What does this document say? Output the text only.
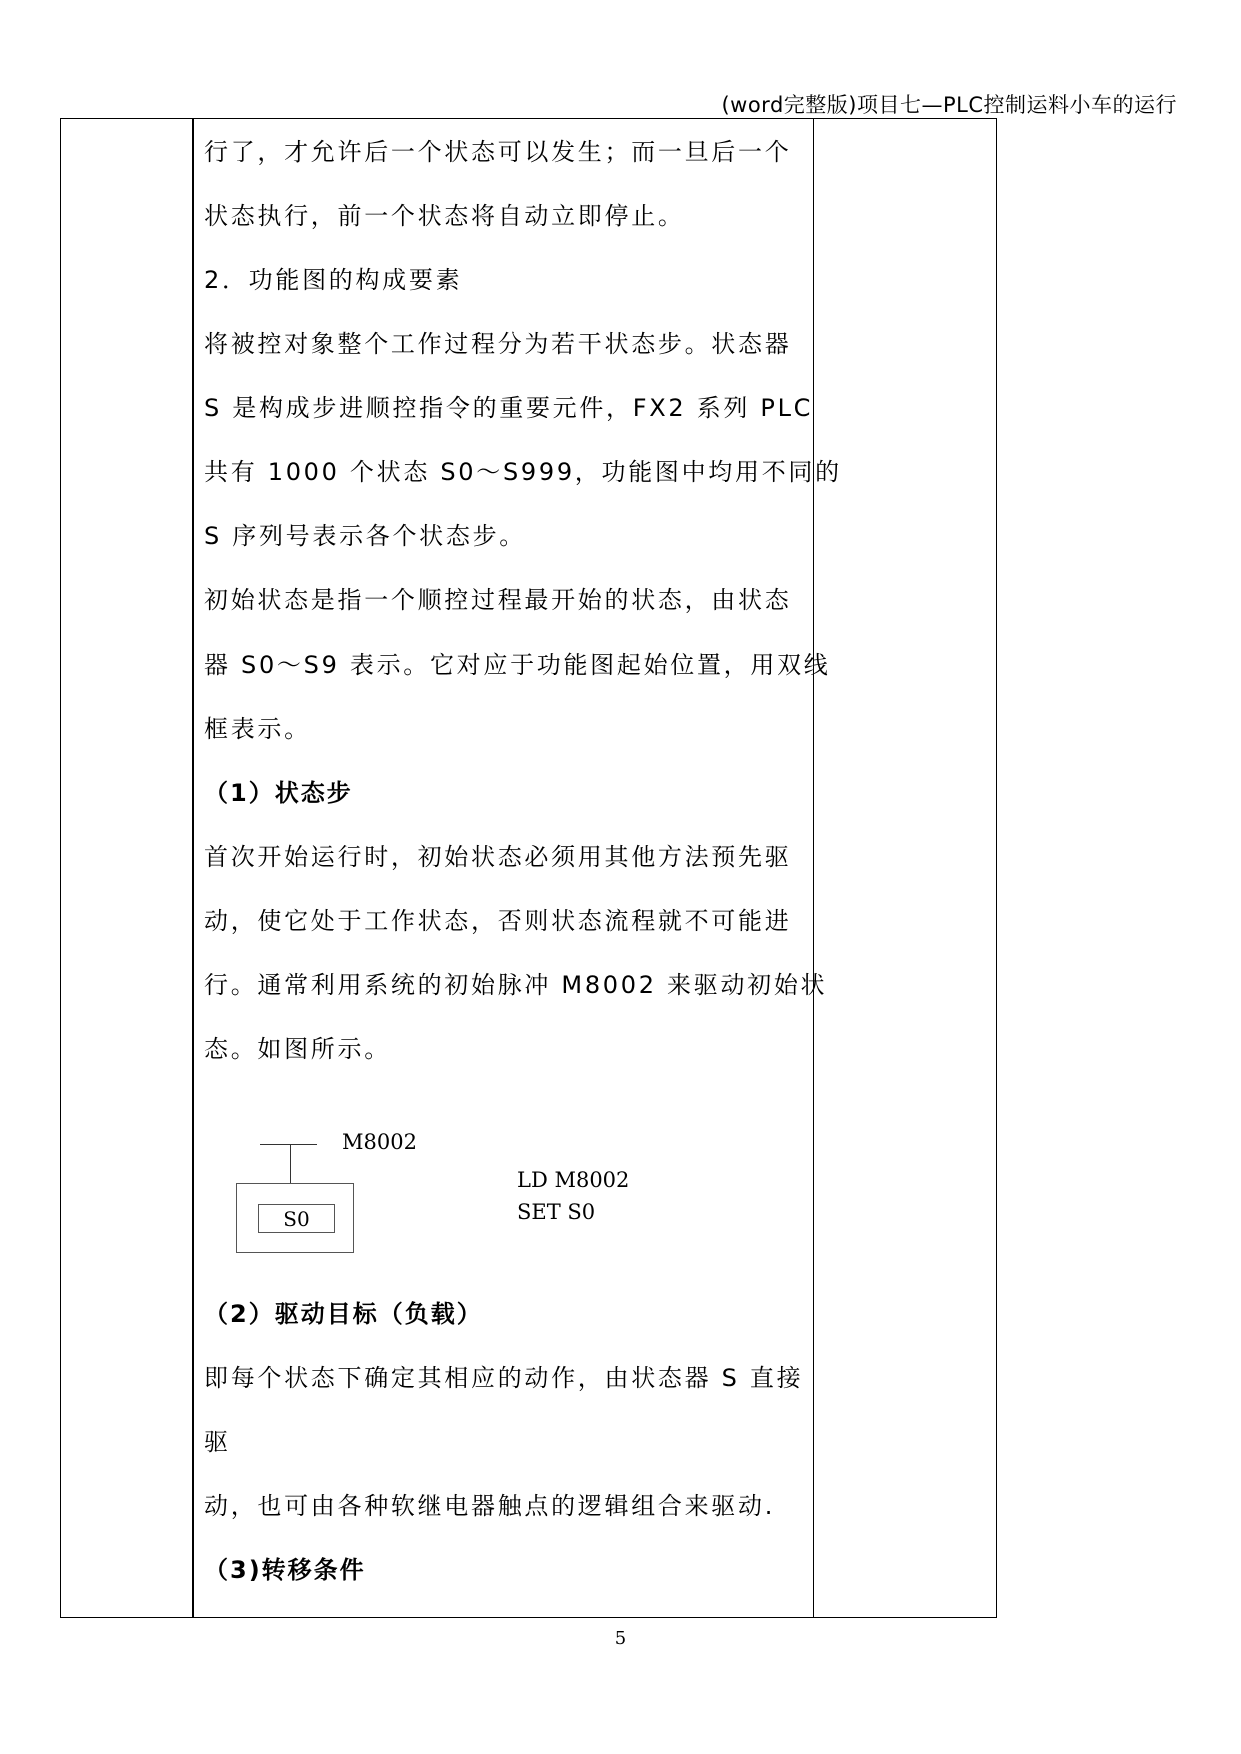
(word完整版)项目七—PLC控制运料小车的运行
行了，才允许后一个状态可以发生；而一旦后一个
状态执行，前一个状态将自动立即停止。
2．功能图的构成要素
将被控对象整个工作过程分为若干状态步。状态器
S 是构成步进顺控指令的重要元件，FX2 系列 PLC
共有 1000 个状态 S0～S999，功能图中均用不同的
S 序列号表示各个状态步。
初始状态是指一个顺控过程最开始的状态，由状态
器 S0～S9 表示。它对应于功能图起始位置，用双线
框表示。
（1）状态步
首次开始运行时，初始状态必须用其他方法预先驱
动，使它处于工作状态，否则状态流程就不可能进
行。通常利用系统的初始脉冲 M8002 来驱动初始状
态。如图所示。
（2）驱动目标（负载）
即每个状态下确定其相应的动作，由状态器 S 直接
驱
动，也可由各种软继电器触点的逻辑组合来驱动.
（3)转移条件
M8002
S0
LD M8002
SET S0
5
